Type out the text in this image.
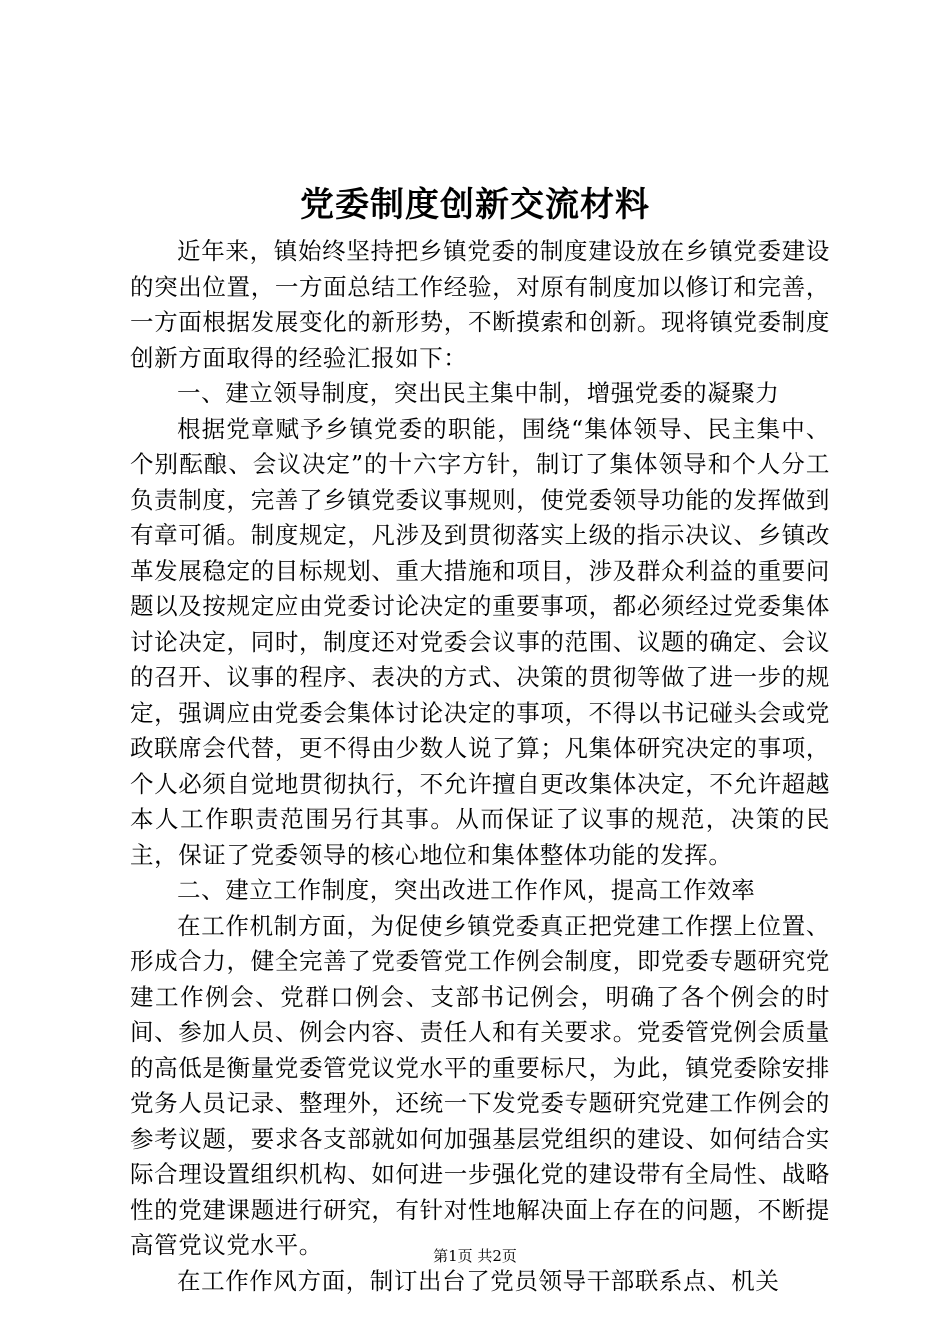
党委制度创新交流材料

近年来，镇始终坚持把乡镇党委的制度建设放在乡镇党委建设的突出位置，一方面总结工作经验，对原有制度加以修订和完善，一方面根据发展变化的新形势，不断摸索和创新。现将镇党委制度创新方面取得的经验汇报如下：

一、建立领导制度，突出民主集中制，增强党委的凝聚力

根据党章赋予乡镇党委的职能，围绕“集体领导、民主集中、个别酝酿、会议决定”的十六字方针，制订了集体领导和个人分工负责制度，完善了乡镇党委议事规则，使党委领导功能的发挥做到有章可循。制度规定，凡涉及到贯彻落实上级的指示决议、乡镇改革发展稳定的目标规划、重大措施和项目，涉及群众利益的重要问题以及按规定应由党委讨论决定的重要事项，都必须经过党委集体讨论决定，同时，制度还对党委会议事的范围、议题的确定、会议的召开、议事的程序、表决的方式、决策的贯彻等做了进一步的规定，强调应由党委会集体讨论决定的事项，不得以书记碰头会或党政联席会代替，更不得由少数人说了算；凡集体研究决定的事项，个人必须自觉地贯彻执行，不允许擅自更改集体决定，不允许超越本人工作职责范围另行其事。从而保证了议事的规范，决策的民主，保证了党委领导的核心地位和集体整体功能的发挥。

二、建立工作制度，突出改进工作作风，提高工作效率

在工作机制方面，为促使乡镇党委真正把党建工作摆上位置、形成合力，健全完善了党委管党工作例会制度，即党委专题研究党建工作例会、党群口例会、支部书记例会，明确了各个例会的时间、参加人员、例会内容、责任人和有关要求。党委管党例会质量的高低是衡量党委管党议党水平的重要标尺，为此，镇党委除安排党务人员记录、整理外，还统一下发党委专题研究党建工作例会的参考议题，要求各支部就如何加强基层党组织的建设、如何结合实际合理设置组织机构、如何进一步强化党的建设带有全局性、战略性的党建课题进行研究，有针对性地解决面上存在的问题，不断提高管党议党水平。

在工作作风方面，制订出台了党员领导干部联系点、机关

第1页 共2页
